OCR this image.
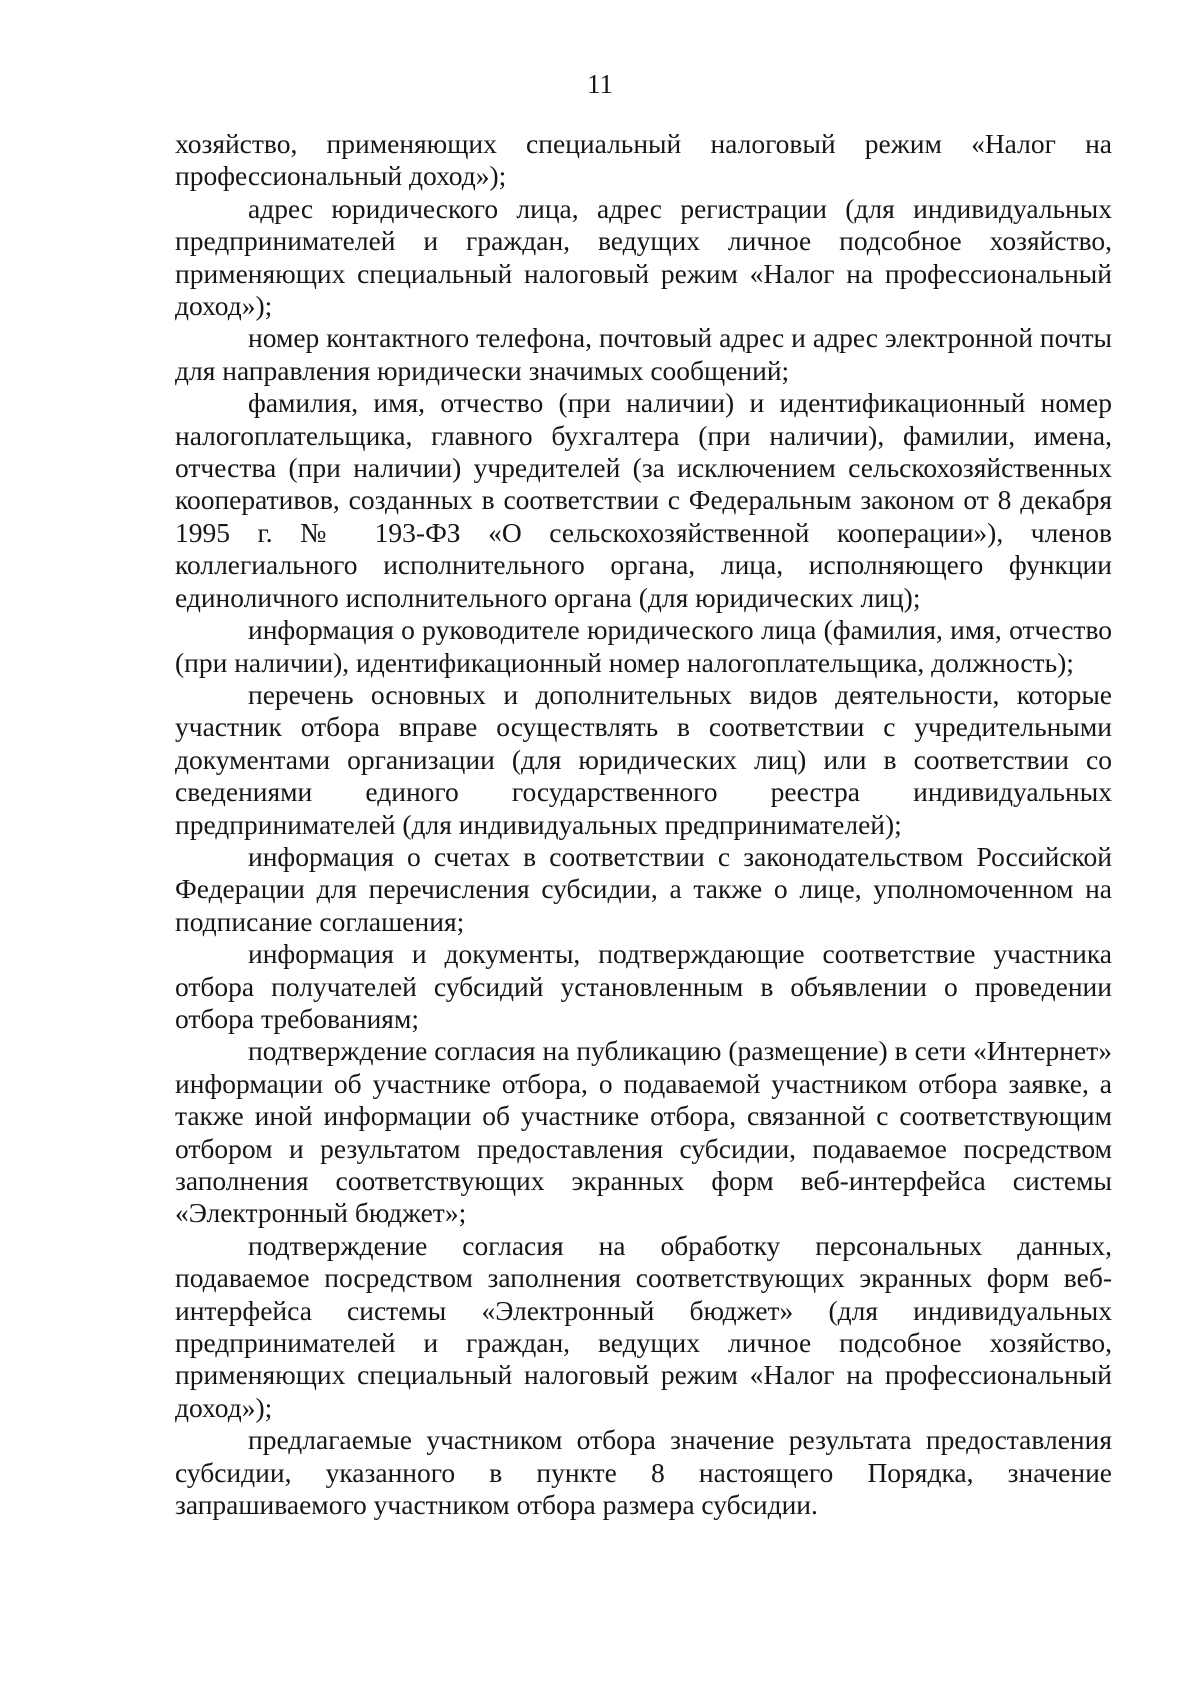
11

хозяйство, применяющих специальный налоговый режим «Налог на профессиональный доход»);

адрес юридического лица, адрес регистрации (для индивидуальных предпринимателей и граждан, ведущих личное подсобное хозяйство, применяющих специальный налоговый режим «Налог на профессиональный доход»);

номер контактного телефона, почтовый адрес и адрес электронной почты для направления юридически значимых сообщений;

фамилия, имя, отчество (при наличии) и идентификационный номер налогоплательщика, главного бухгалтера (при наличии), фамилии, имена, отчества (при наличии) учредителей (за исключением сельскохозяйственных кооперативов, созданных в соответствии с Федеральным законом от 8 декабря 1995 г. № 193-ФЗ «О сельскохозяйственной кооперации»), членов коллегиального исполнительного органа, лица, исполняющего функции единоличного исполнительного органа (для юридических лиц);

информация о руководителе юридического лица (фамилия, имя, отчество (при наличии), идентификационный номер налогоплательщика, должность);

перечень основных и дополнительных видов деятельности, которые участник отбора вправе осуществлять в соответствии с учредительными документами организации (для юридических лиц) или в соответствии со сведениями единого государственного реестра индивидуальных предпринимателей (для индивидуальных предпринимателей);

информация о счетах в соответствии с законодательством Российской Федерации для перечисления субсидии, а также о лице, уполномоченном на подписание соглашения;

информация и документы, подтверждающие соответствие участника отбора получателей субсидий установленным в объявлении о проведении отбора требованиям;

подтверждение согласия на публикацию (размещение) в сети «Интернет» информации об участнике отбора, о подаваемой участником отбора заявке, а также иной информации об участнике отбора, связанной с соответствующим отбором и результатом предоставления субсидии, подаваемое посредством заполнения соответствующих экранных форм веб-интерфейса системы «Электронный бюджет»;

подтверждение согласия на обработку персональных данных, подаваемое посредством заполнения соответствующих экранных форм веб-интерфейса системы «Электронный бюджет» (для индивидуальных предпринимателей и граждан, ведущих личное подсобное хозяйство, применяющих специальный налоговый режим «Налог на профессиональный доход»);

предлагаемые участником отбора значение результата предоставления субсидии, указанного в пункте 8 настоящего Порядка, значение запрашиваемого участником отбора размера субсидии.
